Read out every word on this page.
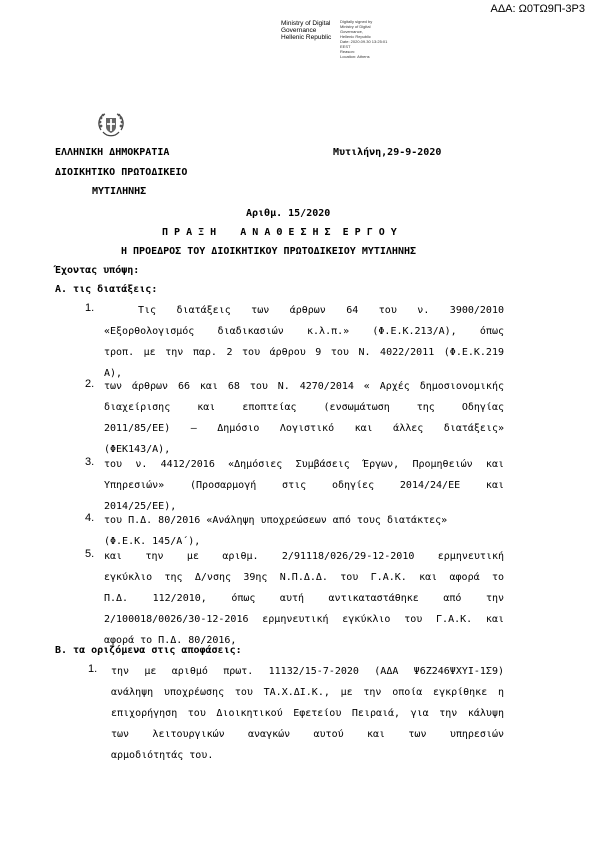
ΑΔΑ: Ω0ΤΩ9Π-3Ρ3
Ministry of Digital
Governance
Hellenic Republic
Digitally signed by
Ministry of Digital
Governance,
Hellenic Republic
Date: 2020.09.30 13:25:01
EEST
Reason:
Location: Athens
ΕΛΛΗΝΙΚΗ ΔΗΜΟΚΡΑΤΙΑ
ΔΙΟΙΚΗΤΙΚΟ ΠΡΩΤΟΔΙΚΕΙΟ
ΜΥΤΙΛΗΝΗΣ
Μυτιλήνη,29-9-2020
Αριθμ. 15/2020
Π Ρ Α Ξ Η    Α Ν Α Θ Ε Σ Η Σ  Ε Ρ Γ Ο Υ
Η ΠΡΟΕΔΡΟΣ ΤΟΥ ΔΙΟΙΚΗΤΙΚΟΥ ΠΡΩΤΟΔΙΚΕΙΟΥ ΜΥΤΙΛΗΝΗΣ
Έχοντας υπόψη:
Α. τις διατάξεις:
1.	Τις διατάξεις των άρθρων 64 του ν. 3900/2010
«Εξορθολογισμός διαδικασιών κ.λ.π.» (Φ.Ε.Κ.213/Α), όπως
τροπ. με την παρ. 2 του άρθρου 9 του Ν. 4022/2011 (Φ.Ε.Κ.219
Α),
2. των άρθρων 66 και 68 του Ν. 4270/2014 « Αρχές δημοσιονομικής
διαχείρισης και εποπτείας (ενσωμάτωση της Οδηγίας
2011/85/ΕΕ) – Δημόσιο Λογιστικό και άλλες διατάξεις»
(ΦΕΚ143/Α),
3. του ν. 4412/2016 «Δημόσιες Συμβάσεις Έργων, Προμηθειών και
Υπηρεσιών» (Προσαρμογή στις οδηγίες 2014/24/ΕΕ και
2014/25/ΕΕ),
4. του Π.Δ. 80/2016 «Ανάληψη υποχρεώσεων από τους διατάκτες»
(Φ.Ε.Κ. 145/Α΄),
5. και την με αριθμ. 2/91118/026/29-12-2010 ερμηνευτική
εγκύκλιο της Δ/νσης 39ης Ν.Π.Δ.Δ. του Γ.Α.Κ. και αφορά το
Π.Δ. 112/2010, όπως αυτή αντικαταστάθηκε από την
2/100018/0026/30-12-2016 ερμηνευτική εγκύκλιο του Γ.Α.Κ. και
αφορά το Π.Δ. 80/2016,
Β. τα οριζόμενα στις αποφάσεις:
1. την με αριθμό πρωτ. 11132/15-7-2020 (ΑΔΑ Ψ6Ζ246ΨΧΥΙ-1Σ9)
ανάληψη υποχρέωσης του ΤΑ.Χ.ΔΙ.Κ., με την οποία εγκρίθηκε η
επιχορήγηση του Διοικητικού Εφετείου Πειραιά, για την κάλυψη
των λειτουργικών αναγκών αυτού και των υπηρεσιών
αρμοδιότητάς του.
